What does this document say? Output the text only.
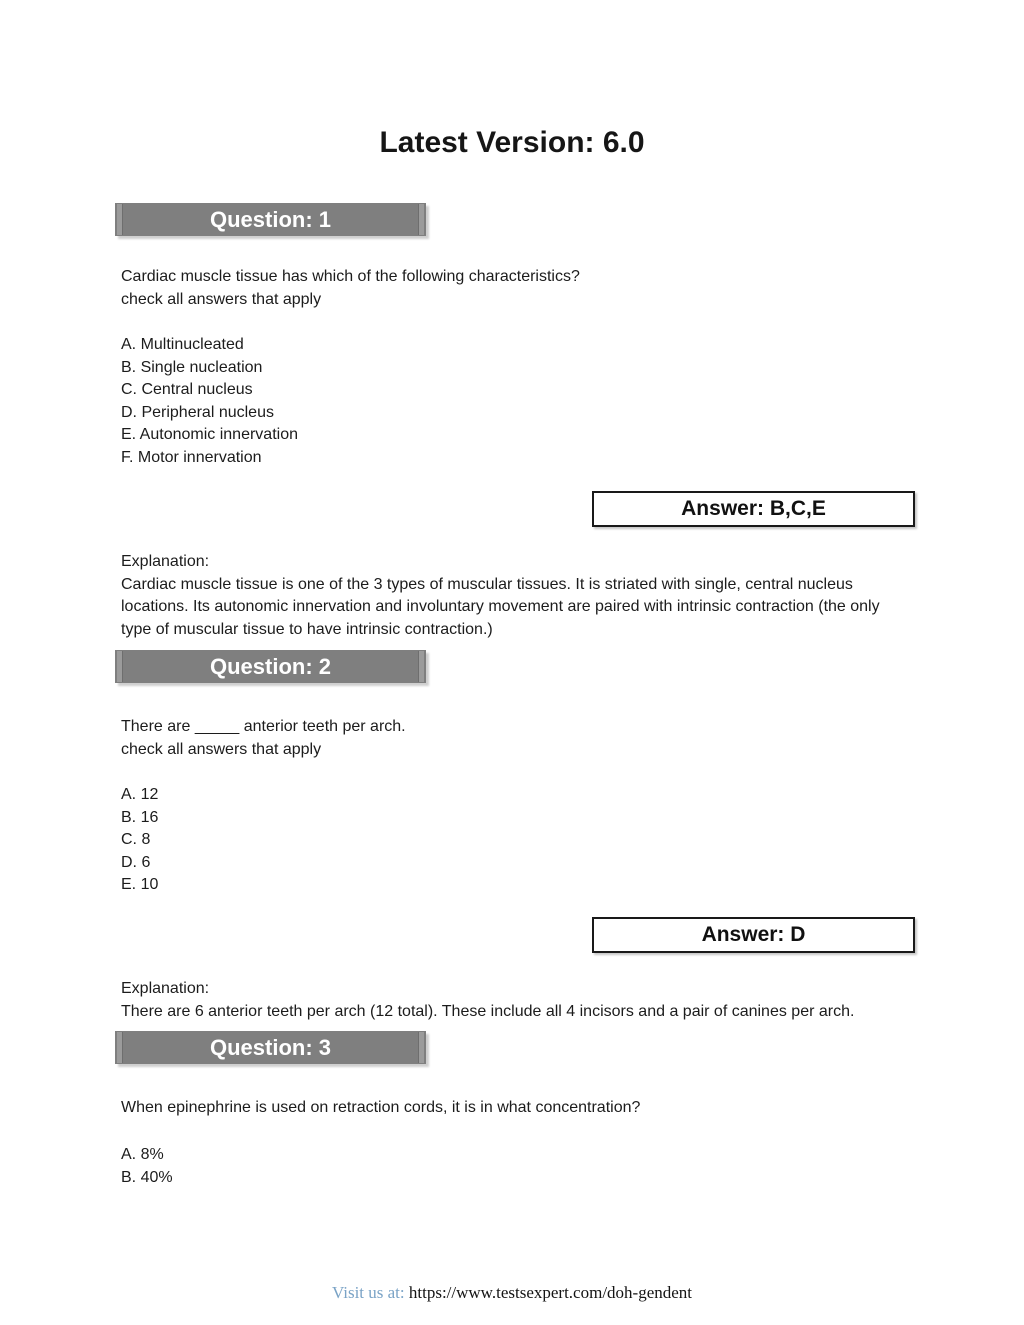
Latest Version: 6.0
Question: 1
Cardiac muscle tissue has which of the following characteristics?
check all answers that apply
A. Multinucleated
B. Single nucleation
C. Central nucleus
D. Peripheral nucleus
E. Autonomic innervation
F. Motor innervation
Answer: B,C,E
Explanation:
Cardiac muscle tissue is one of the 3 types of muscular tissues. It is striated with single, central nucleus locations. Its autonomic innervation and involuntary movement are paired with intrinsic contraction (the only type of muscular tissue to have intrinsic contraction.)
Question: 2
There are _____ anterior teeth per arch.
check all answers that apply
A. 12
B. 16
C. 8
D. 6
E. 10
Answer: D
Explanation:
There are 6 anterior teeth per arch (12 total). These include all 4 incisors and a pair of canines per arch.
Question: 3
When epinephrine is used on retraction cords, it is in what concentration?
A. 8%
B. 40%
Visit us at: https://www.testsexpert.com/doh-gendent
